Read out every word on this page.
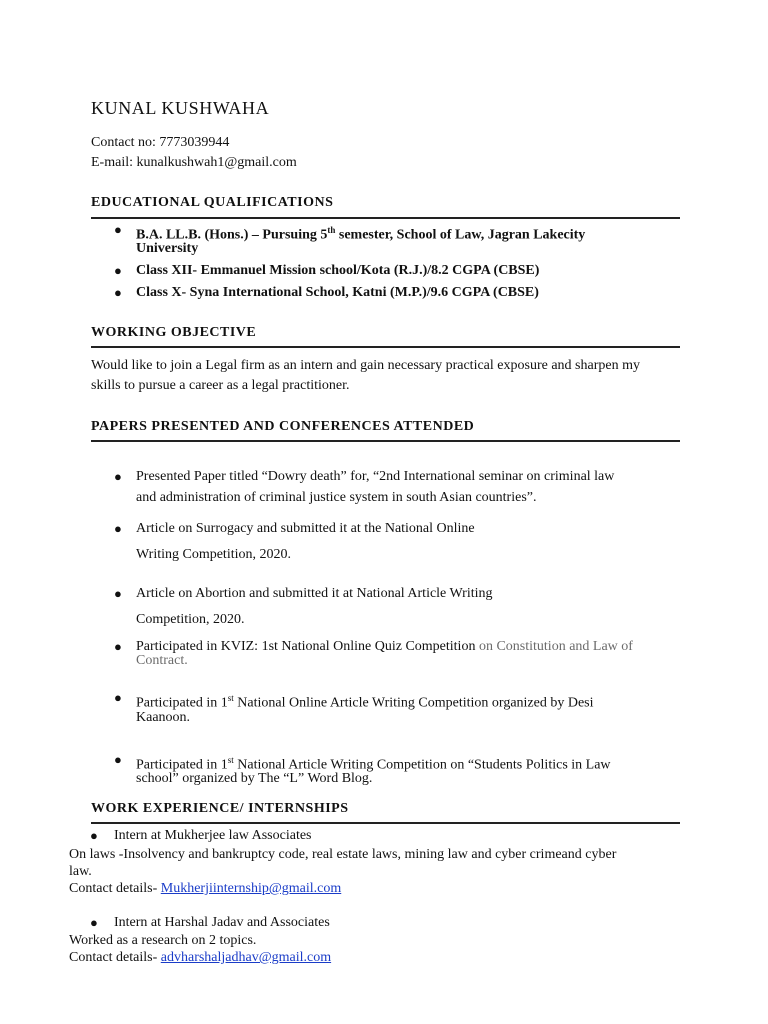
KUNAL KUSHWAHA
Contact no: 7773039944
E-mail: kunalkushwah1@gmail.com
EDUCATIONAL QUALIFICATIONS
● B.A. LL.B. (Hons.) – Pursuing 5th semester, School of Law, Jagran Lakecity
University
● Class XII- Emmanuel Mission school/Kota (R.J.)/8.2 CGPA (CBSE)
● Class X- Syna International School, Katni (M.P.)/9.6 CGPA (CBSE)
WORKING OBJECTIVE
Would like to join a Legal firm as an intern and gain necessary practical exposure and sharpen my
skills to pursue a career as a legal practitioner.
PAPERS PRESENTED AND CONFERENCES ATTENDED
● Presented Paper titled “Dowry death” for, “2nd International seminar on criminal law
and administration of criminal justice system in south Asian countries”.
● Article on Surrogacy and submitted it at the National Online
Writing Competition, 2020.
● Article on Abortion and submitted it at National Article Writing
Competition, 2020.
● Participated in KVIZ: 1st National Online Quiz Competition on Constitution and Law of
Contract.
● Participated in 1st National Online Article Writing Competition organized by Desi
Kaanoon.
● Participated in 1st National Article Writing Competition on “Students Politics in Law
school” organized by The “L” Word Blog.
WORK EXPERIENCE/ INTERNSHIPS
● Intern at Mukherjee law Associates
On laws -Insolvency and bankruptcy code, real estate laws, mining law and cyber crimeand cyber
law.
Contact details- Mukherjiinternship@gmail.com
● Intern at Harshal Jadav and Associates
Worked as a research on 2 topics.
Contact details- advharshaljadhav@gmail.com
